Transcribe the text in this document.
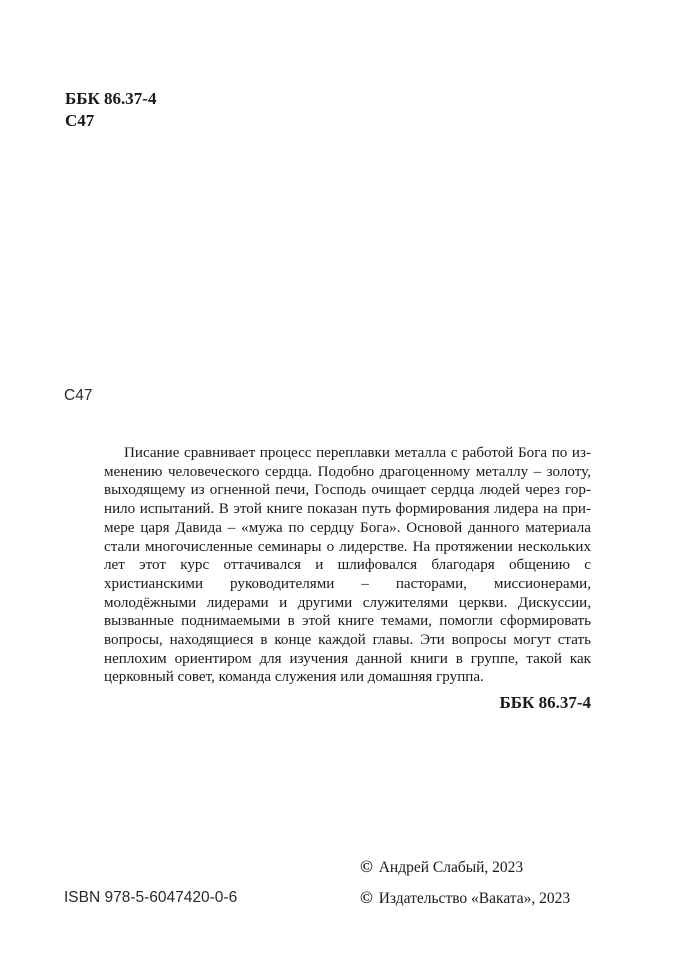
ББК 86.37-4
С47
С47

Писание сравнивает процесс переплавки металла с работой Бога по изменению человеческого сердца. Подобно драгоценному металлу – золоту, выходящему из огненной печи, Господь очищает сердца людей через горнило испытаний. В этой книге показан путь формирования лидера на примере царя Давида – «мужа по сердцу Бога». Основой данного материала стали многочисленные семинары о лидерстве. На протяжении нескольких лет этот курс оттачивался и шлифовался благодаря общению с христианскими руководителями – пасторами, миссионерами, молодёжными лидерами и другими служителями церкви. Дискуссии, вызванные поднимаемыми в этой книге темами, помогли сформировать вопросы, находящиеся в конце каждой главы. Эти вопросы могут стать неплохим ориентиром для изучения данной книги в группе, такой как церковный совет, команда служения или домашняя группа.

ББК 86.37-4
ISBN 978-5-6047420-0-6
© Андрей Слабый, 2023
© Издательство «Ваката», 2023
